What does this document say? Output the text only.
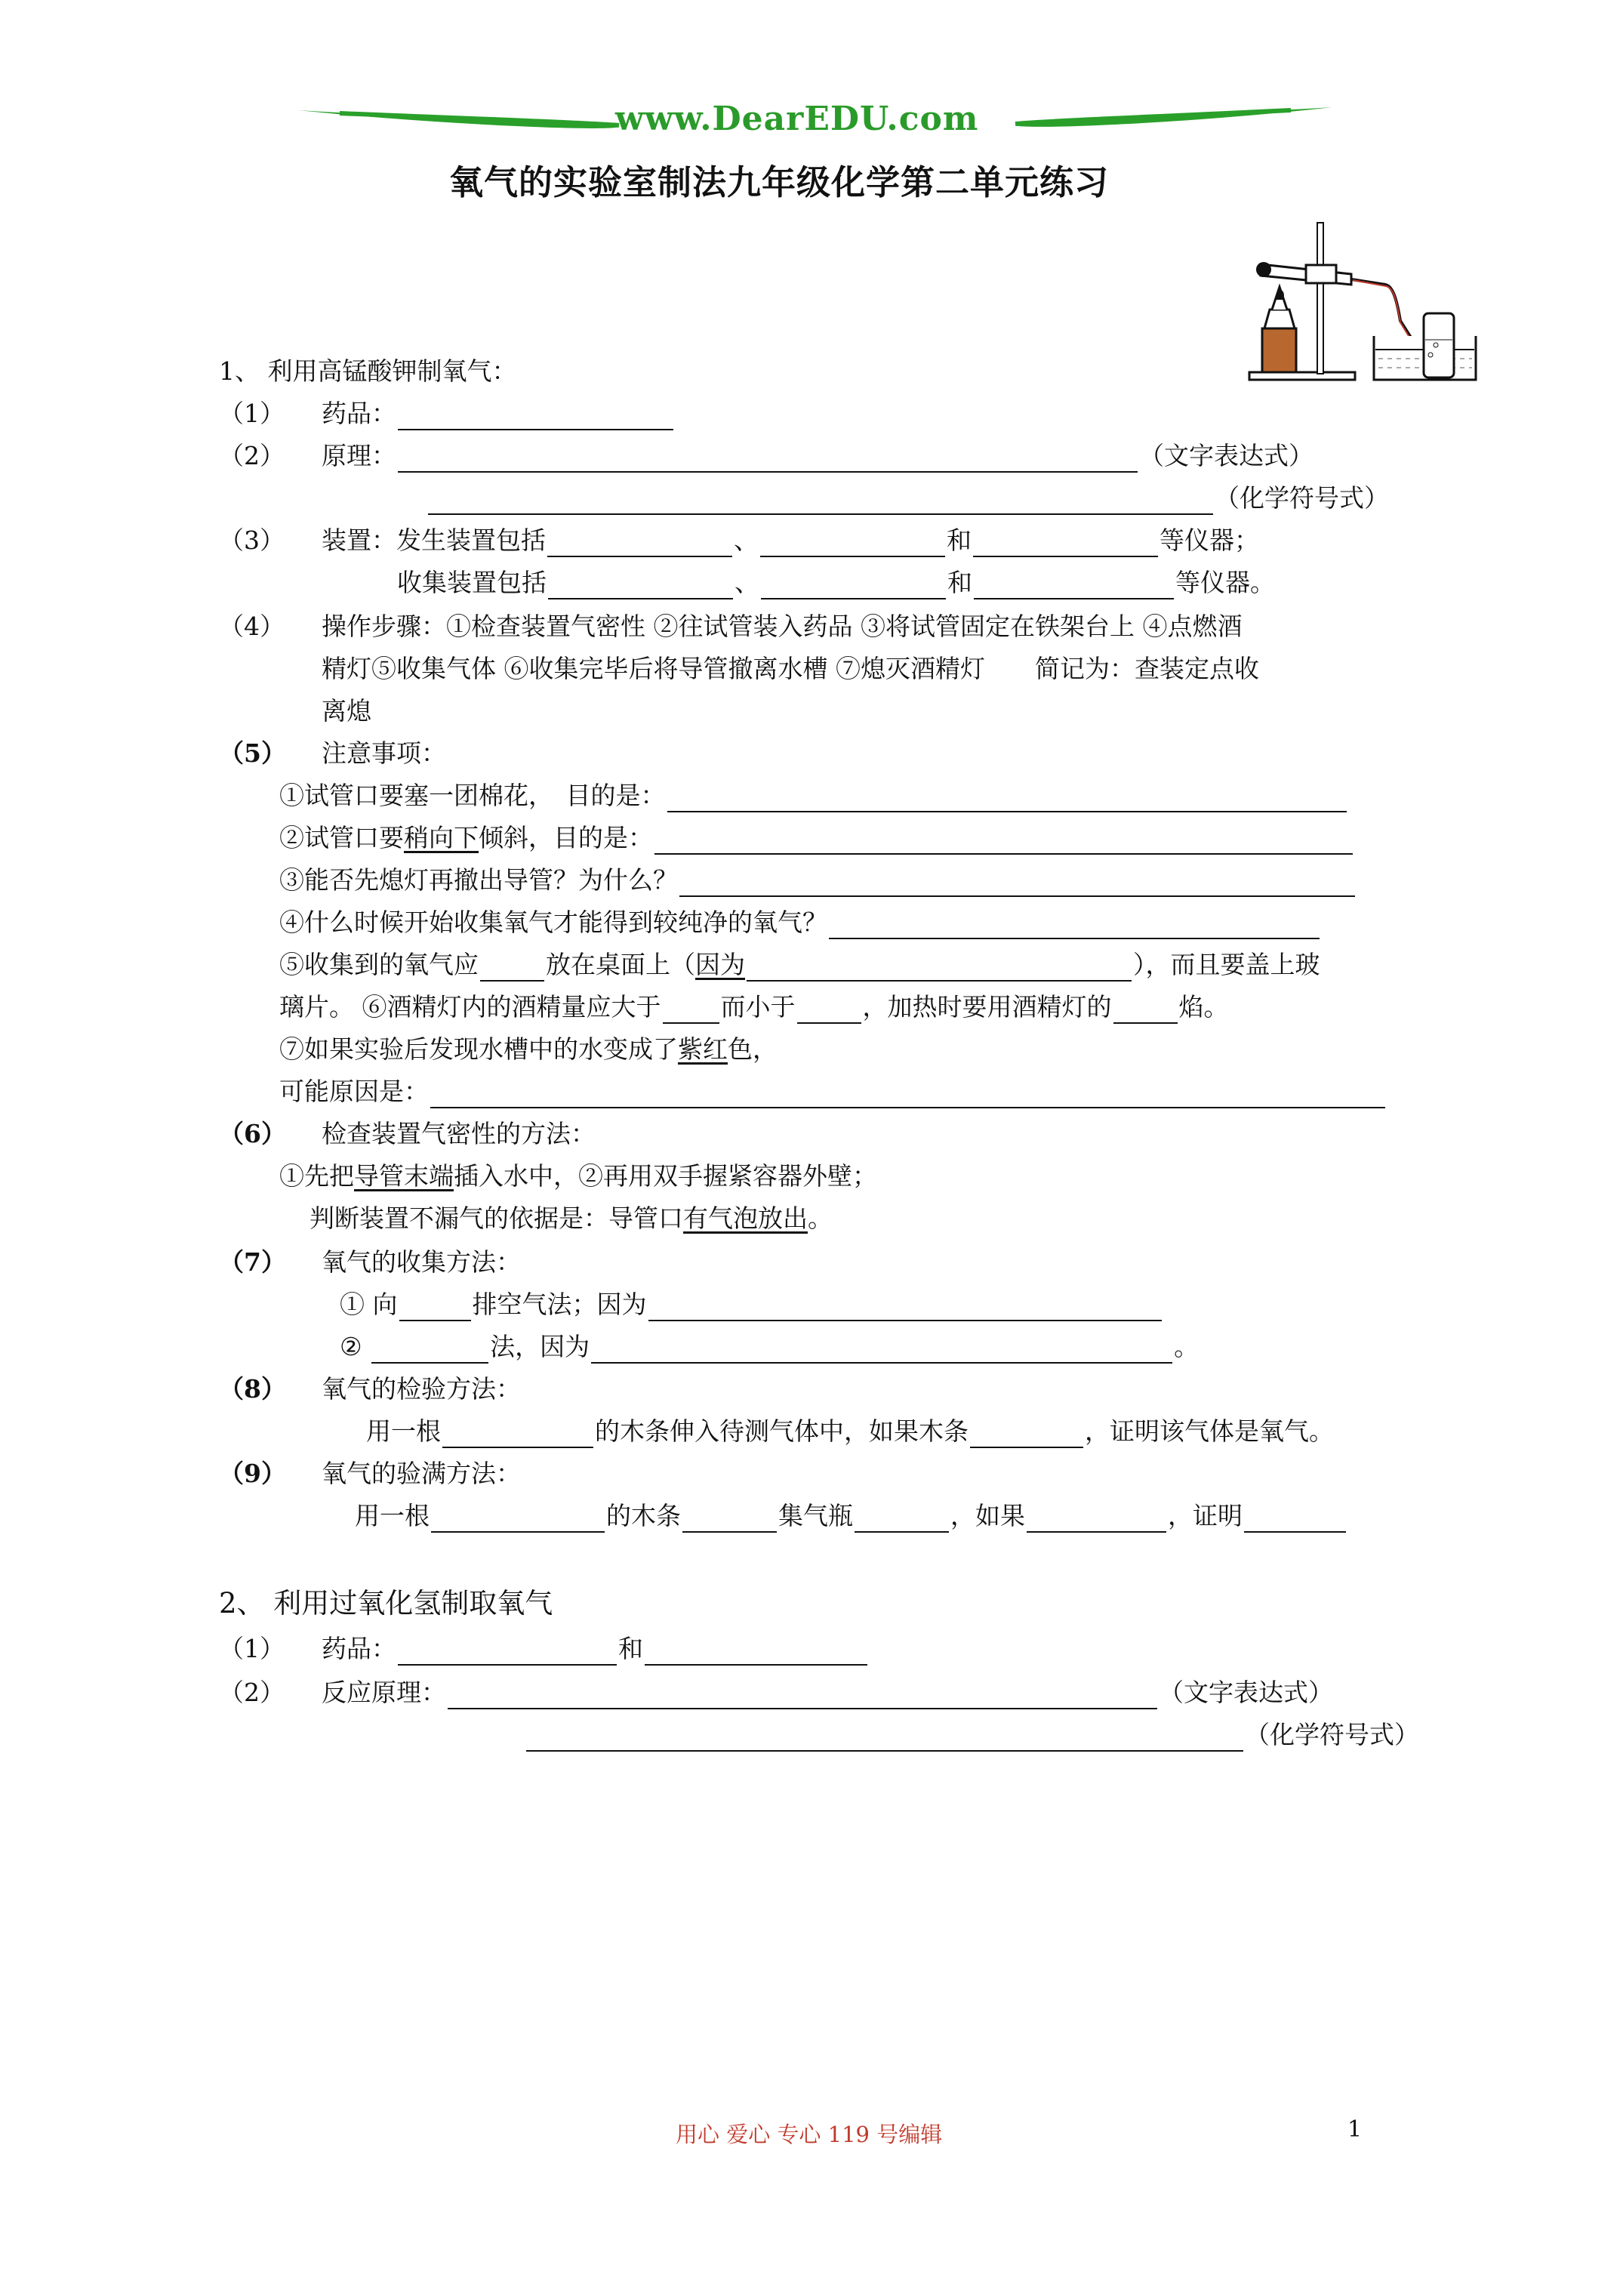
www.DearEDU.com
氧气的实验室制法九年级化学第二单元练习
1、 利用高锰酸钾制氧气：
（1） 药品：
（2） 原理：	（文字表达式）
（化学符号式）
（3） 装置：发生装置包括	、	和	等仪器；
收集装置包括	、	和	等仪器。
（4） 操作步骤：①检查装置气密性 ②往试管装入药品 ③将试管固定在铁架台上 ④点燃酒
精灯⑤收集气体 ⑥收集完毕后将导管撤离水槽 ⑦熄灭酒精灯　　简记为：查装定点收
离熄
（5） 注意事项：
①试管口要塞一团棉花，　目的是：
②试管口要稍向下倾斜，目的是：
③能否先熄灯再撤出导管？为什么？
④什么时候开始收集氧气才能得到较纯净的氧气？
⑤收集到的氧气应	放在桌面上（因为	），而且要盖上玻
璃片。 ⑥酒精灯内的酒精量应大于 而小于	，加热时要用酒精灯的	焰。
⑦如果实验后发现水槽中的水变成了紫红色，
可能原因是：
（6） 检查装置气密性的方法：
①先把导管末端插入水中，②再用双手握紧容器外壁；
判断装置不漏气的依据是：导管口有气泡放出。
（7） 氧气的收集方法：
① 向	排空气法；因为
②	法，因为	。
（8） 氧气的检验方法：
用一根	的木条伸入待测气体中，如果木条	，证明该气体是氧气。
（9） 氧气的验满方法：
用一根	的木条	集气瓶	，如果	，证明
2、 利用过氧化氢制取氧气
（1） 药品：	和
（2） 反应原理：	（文字表达式）
（化学符号式）
用心 爱心 专心 119 号编辑	1
